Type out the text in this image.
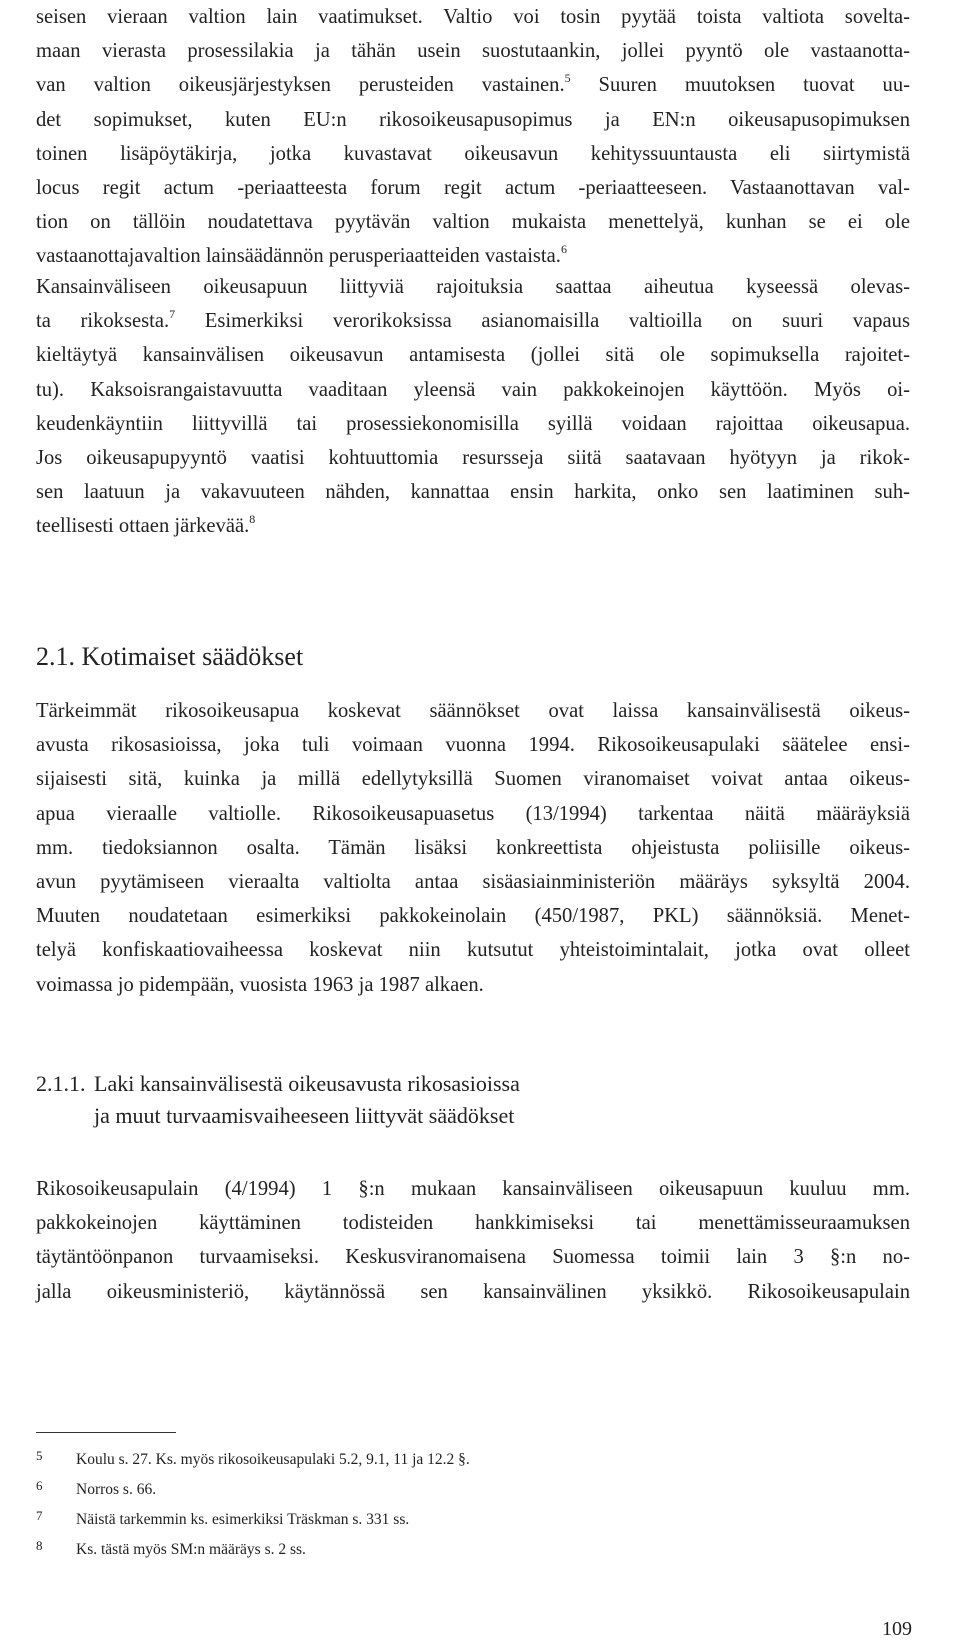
seisen vieraan valtion lain vaatimukset. Valtio voi tosin pyytää toista valtiota sovelta-
maan vierasta prosessilakia ja tähän usein suostutaankin, jollei pyyntö ole vastaanotta-
van valtion oikeusjärjestyksen perusteiden vastainen.$^5$ Suuren muutoksen tuovat uu-
det sopimukset, kuten EU:n rikosoikeusapusopimus ja EN:n oikeusapusopimuksen
toinen lisäpöytäkirja, jotka kuvastavat oikeusavun kehityssuuntausta eli siirtymistä
locus regit actum -periaatteesta forum regit actum -periaatteeseen. Vastaanottavan val-
tion on tällöin noudatettava pyytävän valtion mukaista menettelyä, kunhan se ei ole
vastaanottajavaltion lainsäädännön perusperiaatteiden vastaista.$^6$

Kansainväliseen oikeusapuun liittyviä rajoituksia saattaa aiheutua kyseessä olevas-
ta rikoksesta.$^7$ Esimerkiksi verorikoksissa asianomaisilla valtioilla on suuri vapaus
kieltäytyä kansainvälisen oikeusavun antamisesta (jollei sitä ole sopimuksella rajoitet-
tu). Kaksoisrangaistavuutta vaaditaan yleensä vain pakkokeinojen käyttöön. Myös oi-
keudenkäyntiin liittyvillä tai prosessiekonomisilla syillä voidaan rajoittaa oikeusapua.
Jos oikeusapupyyntö vaatisi kohtuuttomia resursseja siitä saatavaan hyötyyn ja rikok-
sen laatuun ja vakavuuteen nähden, kannattaa ensin harkita, onko sen laatiminen suh-
teellisesti ottaen järkevää.$^8$

2.1. Kotimaiset säädökset

Tärkeimmät rikosoikeusapua koskevat säännökset ovat laissa kansainvälisestä oikeus-
avusta rikosasioissa, joka tuli voimaan vuonna 1994. Rikosoikeusapulaki säätelee ensi-
sijaisesti sitä, kuinka ja millä edellytyksillä Suomen viranomaiset voivat antaa oikeus-
apua vieraalle valtiolle. Rikosoikeusapuasetus (13/1994) tarkentaa näitä määräyksiä
mm. tiedoksiannon osalta. Tämän lisäksi konkreettista ohjeistusta poliisille oikeus-
avun pyytämiseen vieraalta valtiolta antaa sisäasiainministeriön määräys syksyltä 2004.
Muuten noudatetaan esimerkiksi pakkokeinolain (450/1987, PKL) säännöksiä. Menet-
telyä konfiskaatiovaiheessa koskevat niin kutsutut yhteistoimintalait, jotka ovat olleet
voimassa jo pidempään, vuosista 1963 ja 1987 alkaen.

2.1.1. Laki kansainvälisestä oikeusavusta rikosasioissa
ja muut turvaamisvaiheeseen liittyvät säädökset

Rikosoikeusapulain (4/1994) 1 §:n mukaan kansainväliseen oikeusapuun kuuluu mm.
pakkokeinojen käyttäminen todisteiden hankkimiseksi tai menettämisseuraamuksen
täytäntöönpanon turvaamiseksi. Keskusviranomaisena Suomessa toimii lain 3 §:n no-
jalla oikeusministeriö, käytännössä sen kansainvälinen yksikkö. Rikosoikeusapulain

5 Koulu s. 27. Ks. myös rikosoikeusapulaki 5.2, 9.1, 11 ja 12.2 §.
6 Norros s. 66.
7 Näistä tarkemmin ks. esimerkiksi Träskman s. 331 ss.
8 Ks. tästä myös SM:n määräys s. 2 ss.
109
